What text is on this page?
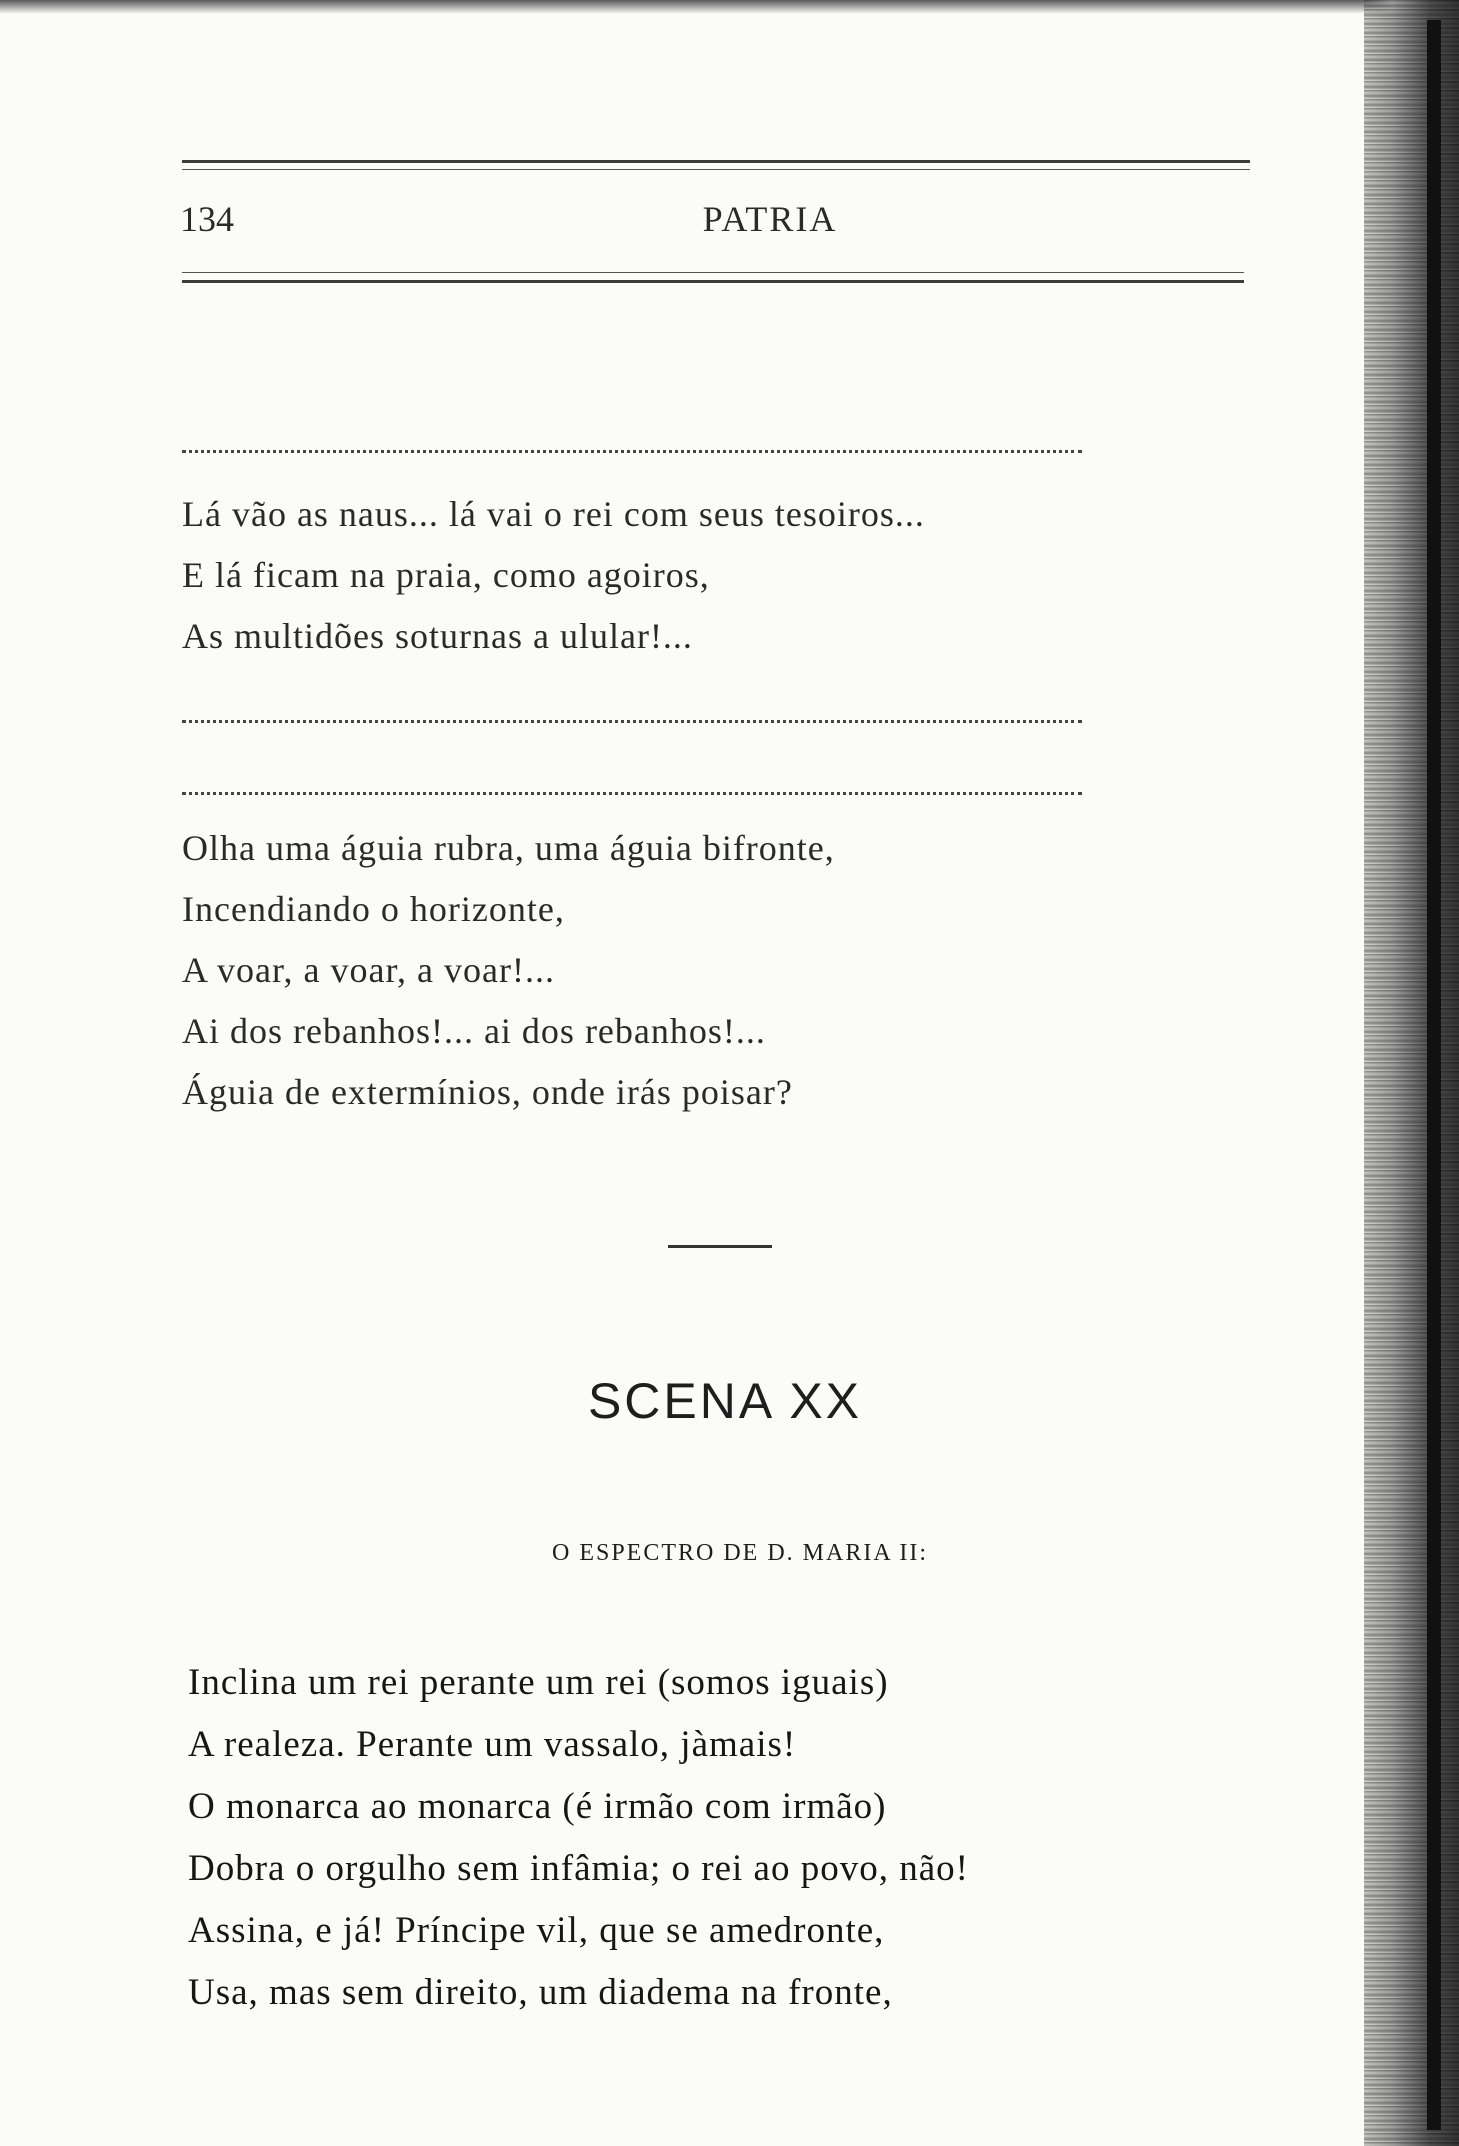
134	PATRIA
Lá vão as naus... lá vai o rei com seus tesoiros...
E lá ficam na praia, como agoiros,
As multidões soturnas a ulular!...
Olha uma águia rubra, uma águia bifronte,
Incendiando o horizonte,
A voar, a voar, a voar!...
Ai dos rebanhos!... ai dos rebanhos!...
Águia de extermínios, onde irás poisar?
SCENA XX
O ESPECTRO DE D. MARIA II:
Inclina um rei perante um rei (somos iguais)
A realeza. Perante um vassalo, jàmais!
O monarca ao monarca (é irmão com irmão)
Dobra o orgulho sem infâmia; o rei ao povo, não!
Assina, e já! Príncipe vil, que se amedronte,
Usa, mas sem direito, um diadema na fronte,
